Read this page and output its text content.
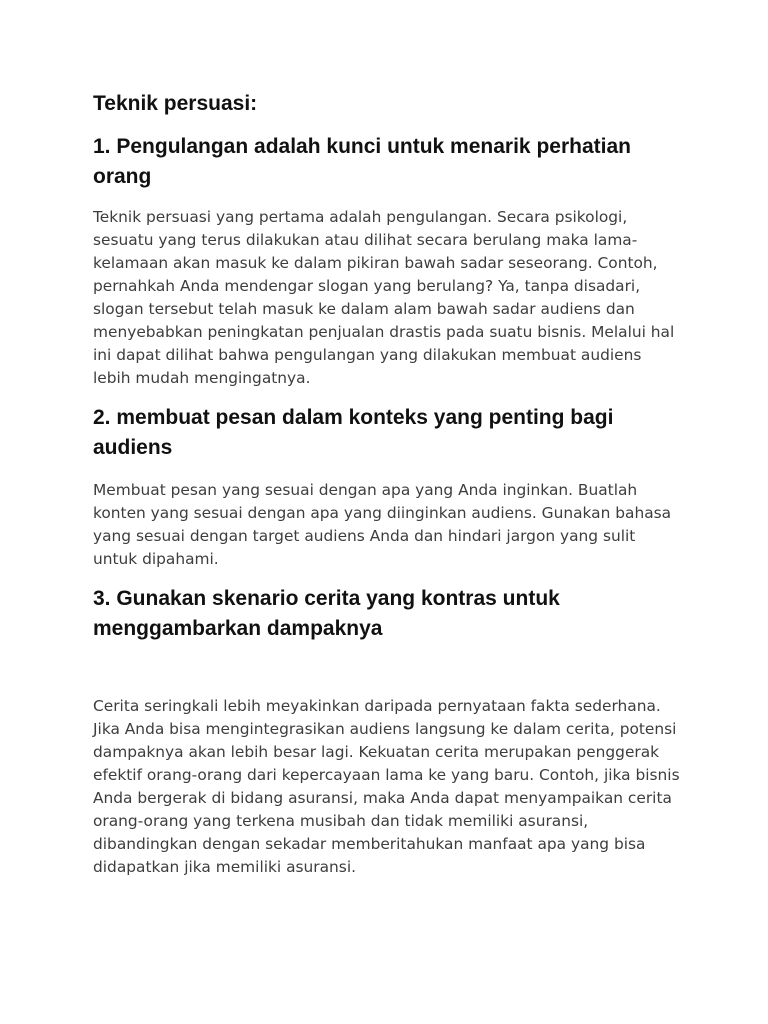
Teknik persuasi:
1. Pengulangan adalah kunci untuk menarik perhatian orang

Teknik persuasi yang pertama adalah pengulangan. Secara psikologi, sesuatu yang terus dilakukan atau dilihat secara berulang maka lama-kelamaan akan masuk ke dalam pikiran bawah sadar seseorang. Contoh, pernahkah Anda mendengar slogan yang berulang? Ya, tanpa disadari, slogan tersebut telah masuk ke dalam alam bawah sadar audiens dan menyebabkan peningkatan penjualan drastis pada suatu bisnis. Melalui hal ini dapat dilihat bahwa pengulangan yang dilakukan membuat audiens lebih mudah mengingatnya.

2. membuat pesan dalam konteks yang penting bagi audiens

Membuat pesan yang sesuai dengan apa yang Anda inginkan. Buatlah konten yang sesuai dengan apa yang diinginkan audiens. Gunakan bahasa yang sesuai dengan target audiens Anda dan hindari jargon yang sulit untuk dipahami.

3. Gunakan skenario cerita yang kontras untuk menggambarkan dampaknya

Cerita seringkali lebih meyakinkan daripada pernyataan fakta sederhana. Jika Anda bisa mengintegrasikan audiens langsung ke dalam cerita, potensi dampaknya akan lebih besar lagi. Kekuatan cerita merupakan penggerak efektif orang-orang dari kepercayaan lama ke yang baru. Contoh, jika bisnis Anda bergerak di bidang asuransi, maka Anda dapat menyampaikan cerita orang-orang yang terkena musibah dan tidak memiliki asuransi, dibandingkan dengan sekadar memberitahukan manfaat apa yang bisa didapatkan jika memiliki asuransi.
